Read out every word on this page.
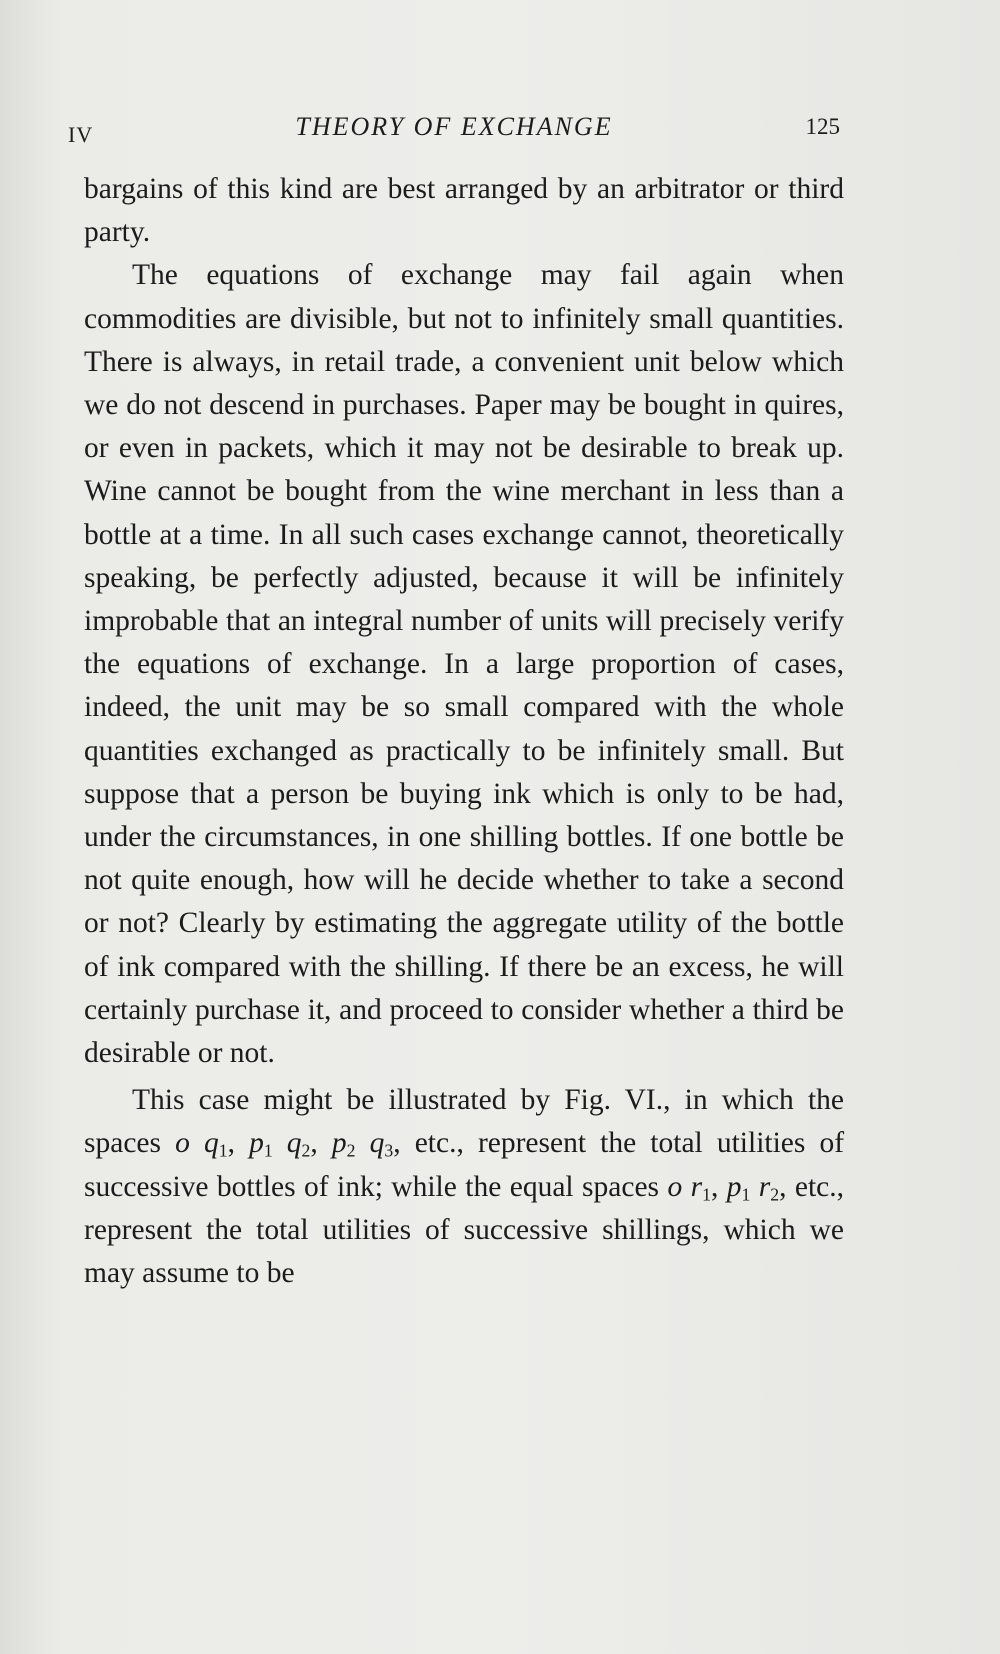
IV	THEORY OF EXCHANGE	125

bargains of this kind are best arranged by an arbitrator or third party.

The equations of exchange may fail again when commodities are divisible, but not to infinitely small quantities. There is always, in retail trade, a convenient unit below which we do not descend in purchases. Paper may be bought in quires, or even in packets, which it may not be desirable to break up. Wine cannot be bought from the wine merchant in less than a bottle at a time. In all such cases exchange cannot, theoretically speaking, be perfectly adjusted, because it will be infinitely improbable that an integral number of units will precisely verify the equations of exchange. In a large proportion of cases, indeed, the unit may be so small compared with the whole quantities exchanged as practically to be infinitely small. But suppose that a person be buying ink which is only to be had, under the circumstances, in one shilling bottles. If one bottle be not quite enough, how will he decide whether to take a second or not? Clearly by estimating the aggregate utility of the bottle of ink compared with the shilling. If there be an excess, he will certainly purchase it, and proceed to consider whether a third be desirable or not.

This case might be illustrated by Fig. VI., in which the spaces o $q_1$, $p_1$ $q_2$, $p_2$ $q_3$, etc., represent the total utilities of successive bottles of ink; while the equal spaces o $r_1$, $p_1$ $r_2$, etc., represent the total utilities of successive shillings, which we may assume to be
